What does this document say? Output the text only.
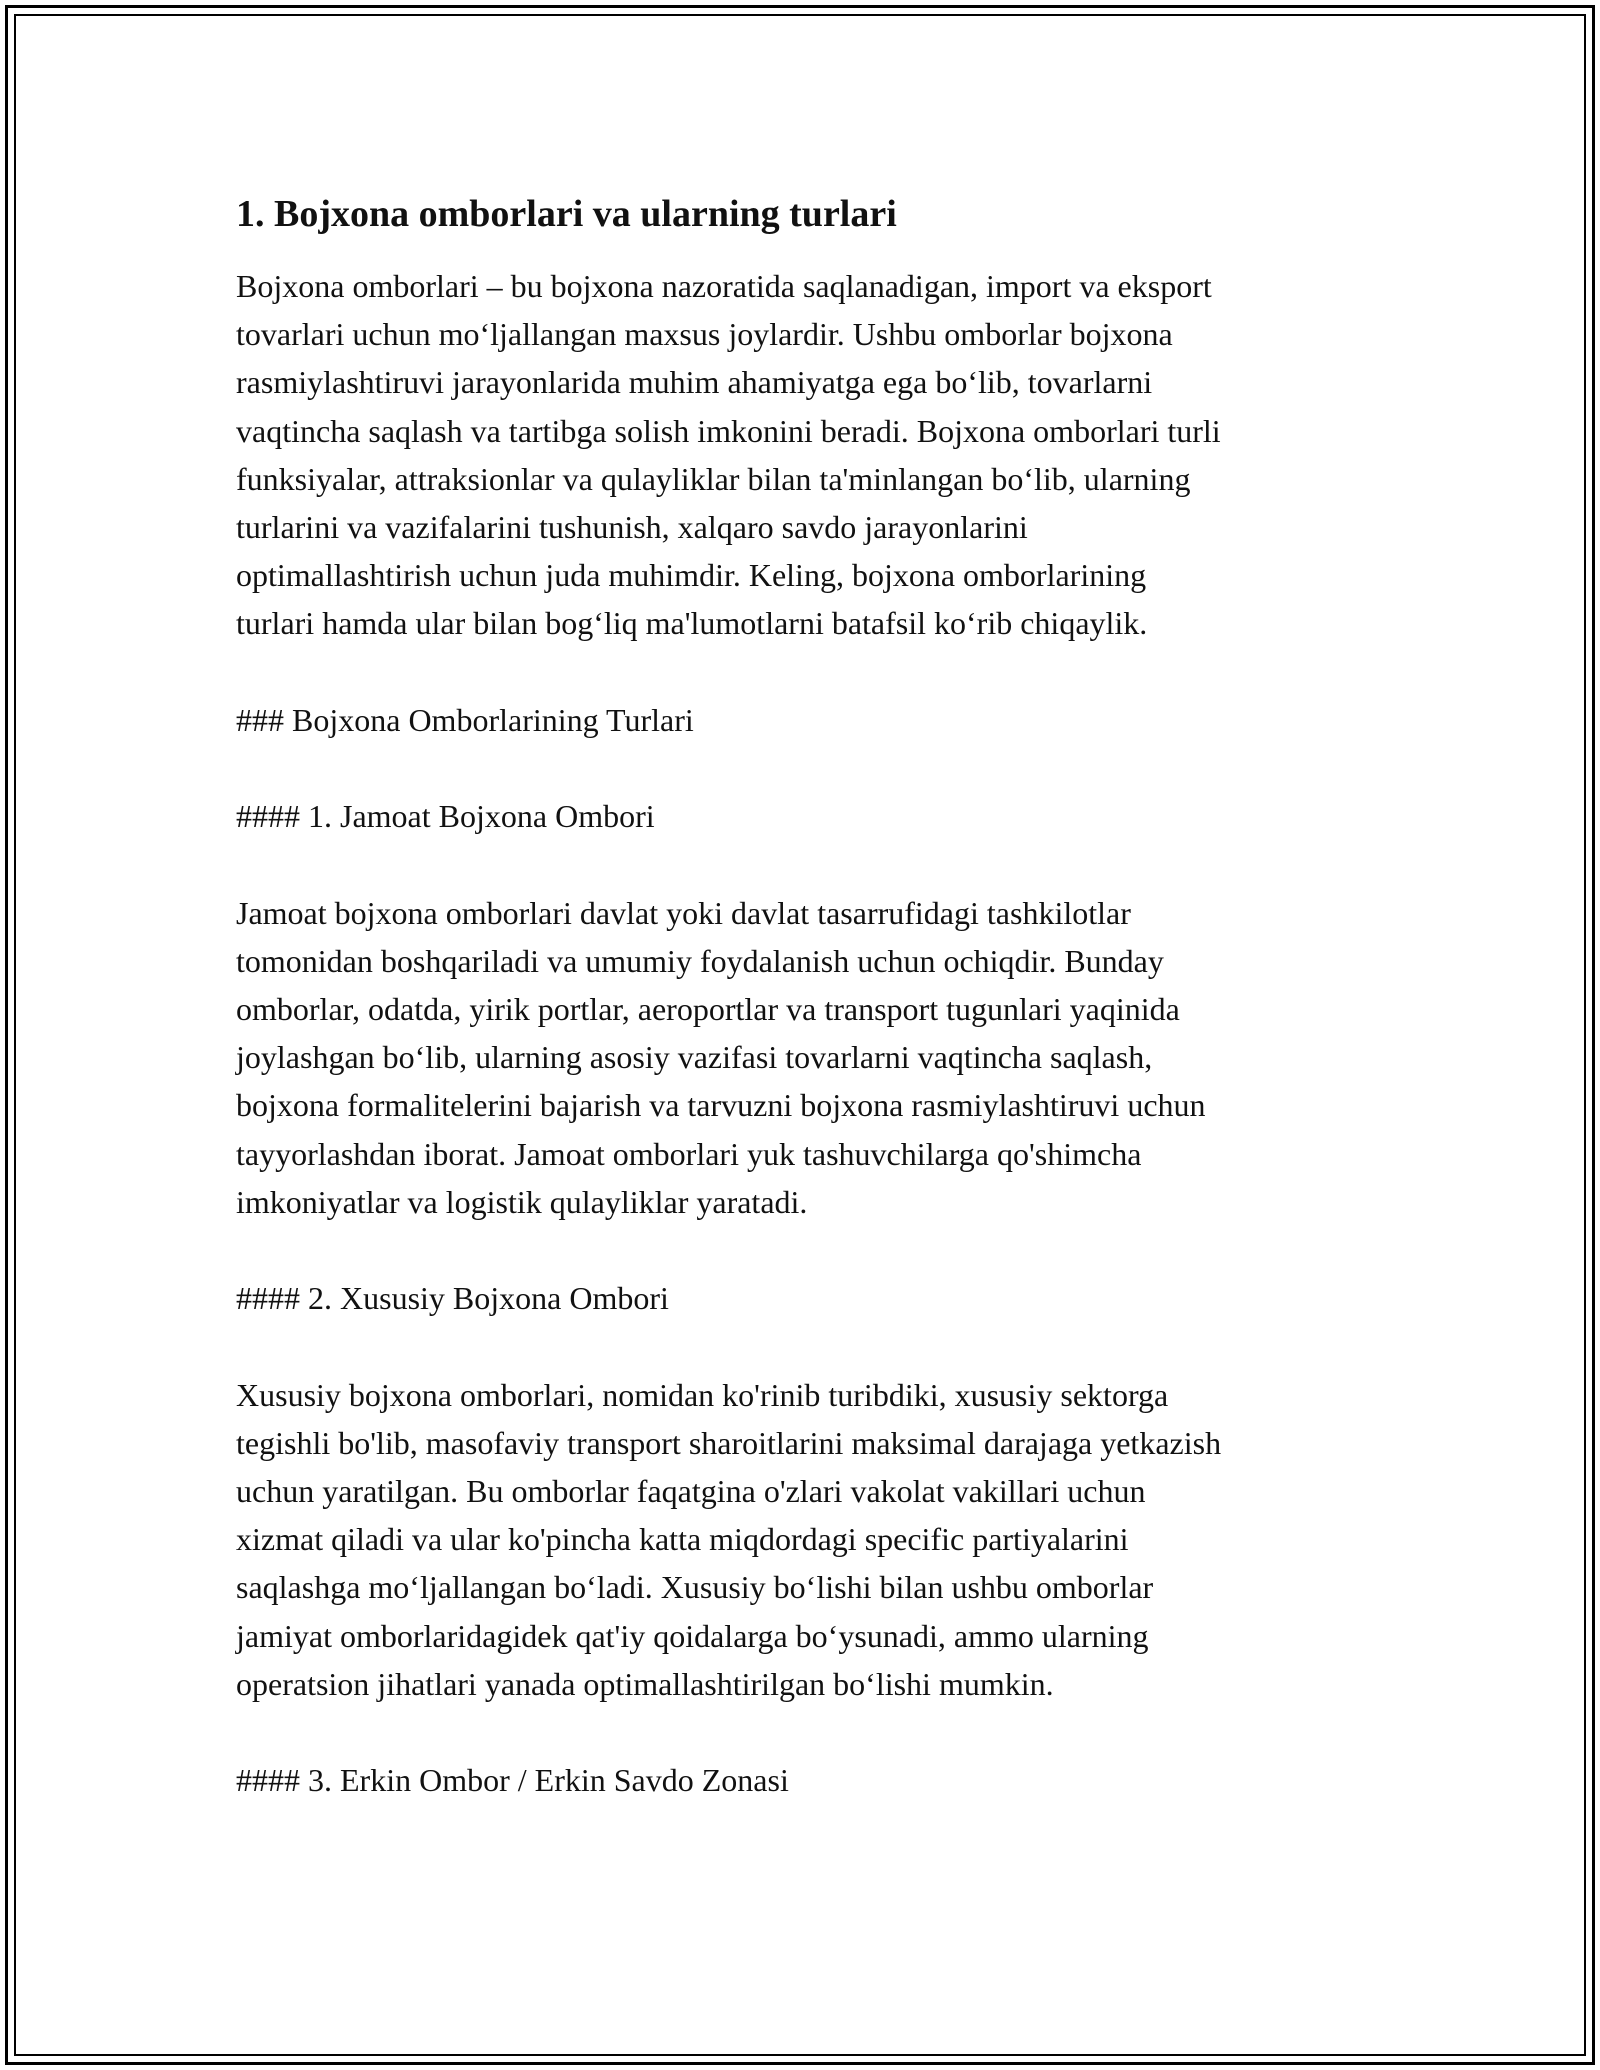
1. Bojxona omborlari va ularning turlari

Bojxona omborlari – bu bojxona nazoratida saqlanadigan, import va eksport
tovarlari uchun mo‘ljallangan maxsus joylardir. Ushbu omborlar bojxona
rasmiylashtiruvi jarayonlarida muhim ahamiyatga ega bo‘lib, tovarlarni
vaqtincha saqlash va tartibga solish imkonini beradi. Bojxona omborlari turli
funksiyalar, attraksionlar va qulayliklar bilan ta'minlangan bo‘lib, ularning
turlarini va vazifalarini tushunish, xalqaro savdo jarayonlarini
optimallashtirish uchun juda muhimdir. Keling, bojxona omborlarining
turlari hamda ular bilan bog‘liq ma'lumotlarni batafsil ko‘rib chiqaylik.

### Bojxona Omborlarining Turlari

#### 1. Jamoat Bojxona Ombori

Jamoat bojxona omborlari davlat yoki davlat tasarrufidagi tashkilotlar
tomonidan boshqariladi va umumiy foydalanish uchun ochiqdir. Bunday
omborlar, odatda, yirik portlar, aeroportlar va transport tugunlari yaqinida
joylashgan bo‘lib, ularning asosiy vazifasi tovarlarni vaqtincha saqlash,
bojxona formalitelerini bajarish va tarvuzni bojxona rasmiylashtiruvi uchun
tayyorlashdan iborat. Jamoat omborlari yuk tashuvchilarga qo'shimcha
imkoniyatlar va logistik qulayliklar yaratadi.

#### 2. Xususiy Bojxona Ombori

Xususiy bojxona omborlari, nomidan ko'rinib turibdiki, xususiy sektorga
tegishli bo'lib, masofaviy transport sharoitlarini maksimal darajaga yetkazish
uchun yaratilgan. Bu omborlar faqatgina o'zlari vakolat vakillari uchun
xizmat qiladi va ular ko'pincha katta miqdordagi specific partiyalarini
saqlashga mo‘ljallangan bo‘ladi. Xususiy bo‘lishi bilan ushbu omborlar
jamiyat omborlaridagidek qat'iy qoidalarga bo‘ysunadi, ammo ularning
operatsion jihatlari yanada optimallashtirilgan bo‘lishi mumkin.

#### 3. Erkin Ombor / Erkin Savdo Zonasi
